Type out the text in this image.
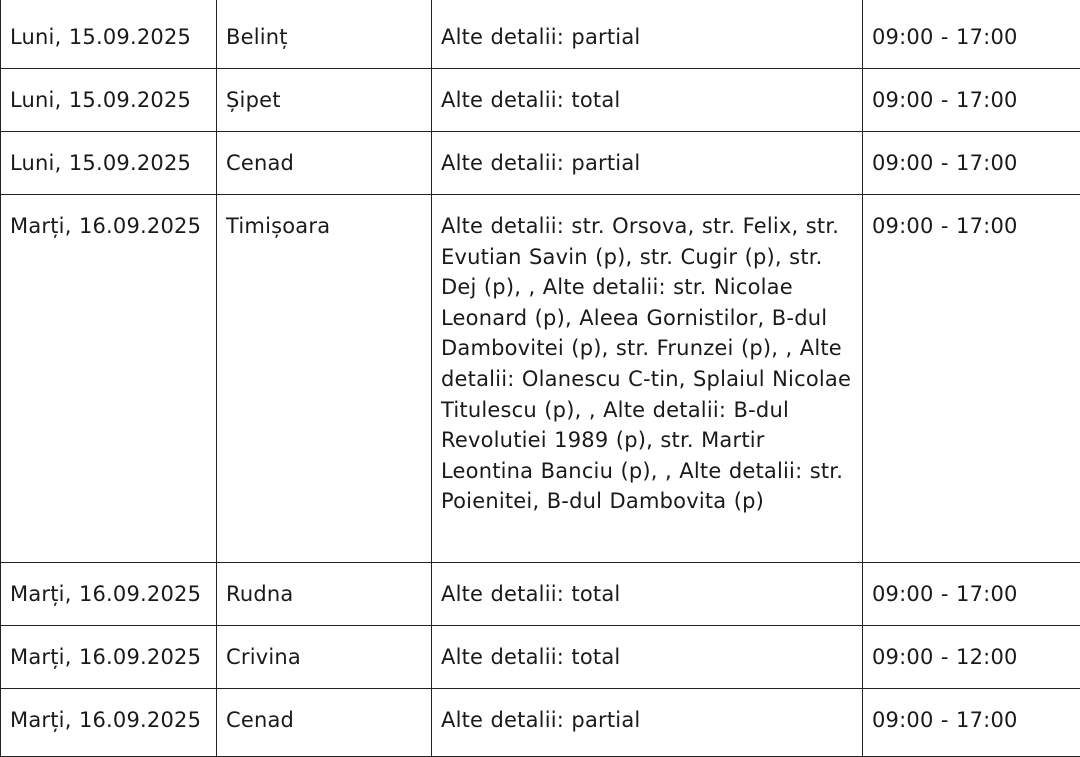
Luni, 15.09.2025	Belinț	Alte detalii: partial	09:00 - 17:00
Luni, 15.09.2025	Șipet	Alte detalii: total	09:00 - 17:00
Luni, 15.09.2025	Cenad	Alte detalii: partial	09:00 - 17:00
Marți, 16.09.2025	Timișoara	Alte detalii: str. Orsova, str. Felix, str. Evutian Savin (p), str. Cugir (p), str. Dej (p), , Alte detalii: str. Nicolae Leonard (p), Aleea Gornistilor, B-dul Dambovitei (p), str. Frunzei (p), , Alte detalii: Olanescu C-tin, Splaiul Nicolae Titulescu (p), , Alte detalii: B-dul Revolutiei 1989 (p), str. Martir Leontina Banciu (p), , Alte detalii: str. Poienitei, B-dul Dambovita (p)	09:00 - 17:00
Marți, 16.09.2025	Rudna	Alte detalii: total	09:00 - 17:00
Marți, 16.09.2025	Crivina	Alte detalii: total	09:00 - 12:00
Marți, 16.09.2025	Cenad	Alte detalii: partial	09:00 - 17:00
